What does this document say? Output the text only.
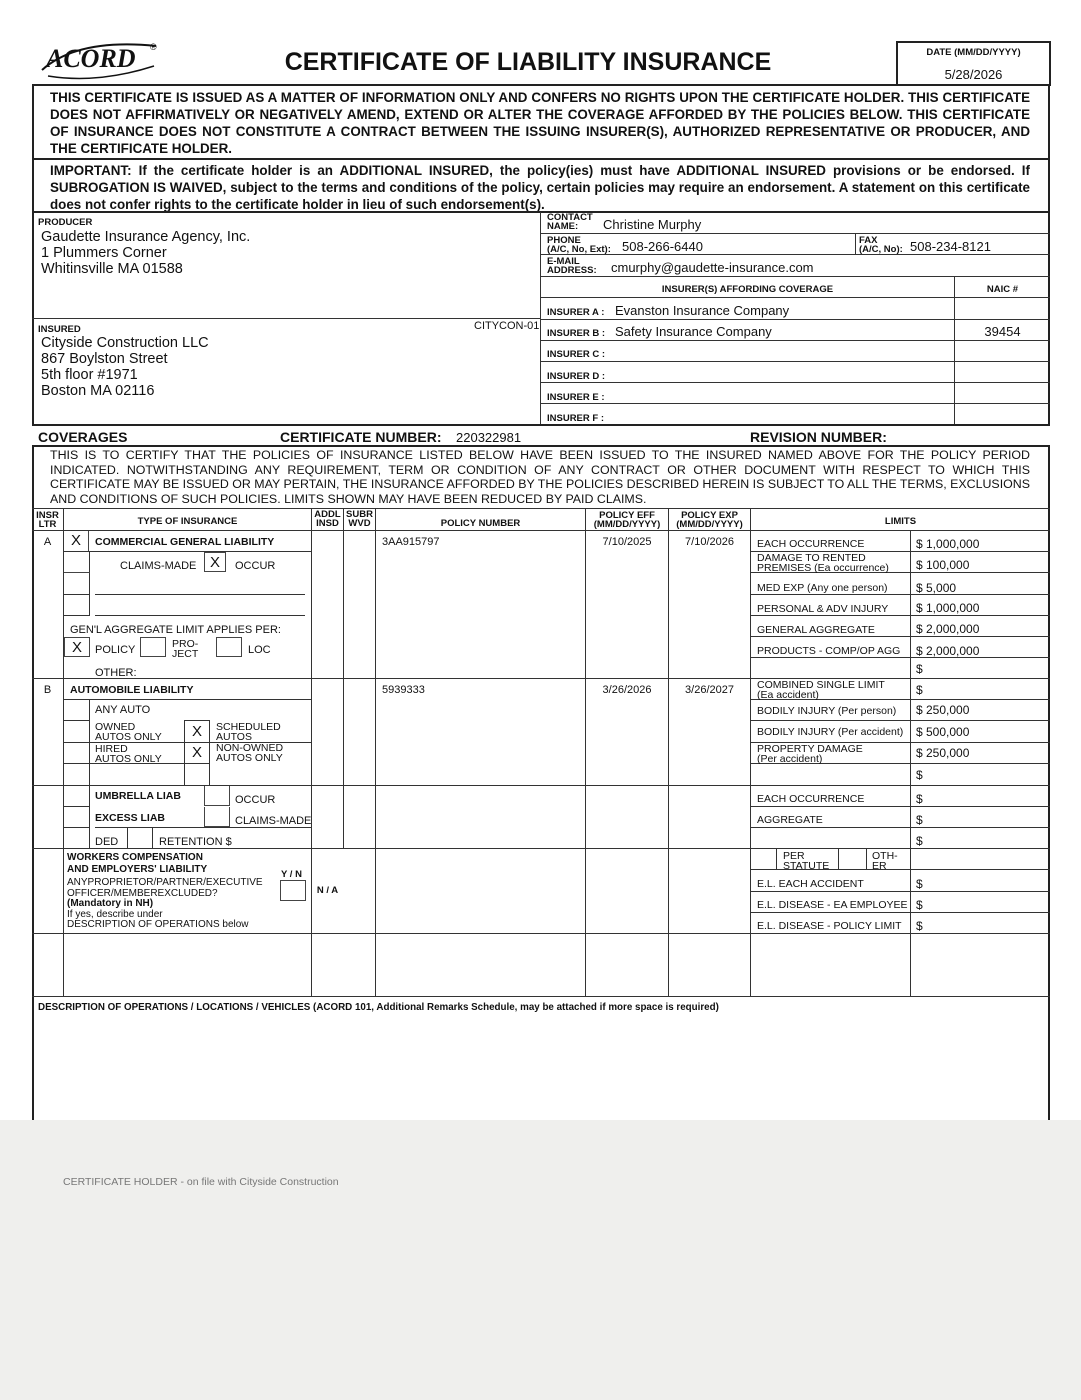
ACORD ®
CERTIFICATE OF LIABILITY INSURANCE	DATE (MM/DD/YYYY)
5/28/2026
THIS CERTIFICATE IS ISSUED AS A MATTER OF INFORMATION ONLY AND CONFERS NO RIGHTS UPON THE CERTIFICATE HOLDER. THIS CERTIFICATE DOES NOT AFFIRMATIVELY OR NEGATIVELY AMEND, EXTEND OR ALTER THE COVERAGE AFFORDED BY THE POLICIES BELOW. THIS CERTIFICATE OF INSURANCE DOES NOT CONSTITUTE A CONTRACT BETWEEN THE ISSUING INSURER(S), AUTHORIZED REPRESENTATIVE OR PRODUCER, AND THE CERTIFICATE HOLDER.
IMPORTANT: If the certificate holder is an ADDITIONAL INSURED, the policy(ies) must have ADDITIONAL INSURED provisions or be endorsed. If SUBROGATION IS WAIVED, subject to the terms and conditions of the policy, certain policies may require an endorsement. A statement on this certificate does not confer rights to the certificate holder in lieu of such endorsement(s).
PRODUCER
Gaudette Insurance Agency, Inc.
1 Plummers Corner
Whitinsville MA 01588
CONTACT
NAME:	Christine Murphy
PHONE
(A/C, No, Ext): 508-266-6440	FAX
(A/C, No): 508-234-8121
E-MAIL
ADDRESS: cmurphy@gaudette-insurance.com
INSURER(S) AFFORDING COVERAGE	NAIC #
INSURER A : Evanston Insurance Company
INSURER B : Safety Insurance Company	39454
INSURER C :
INSURER D :
INSURER E :
INSURER F :
INSURED	CITYCON-01
Cityside Construction LLC
867 Boylston Street
5th floor #1971
Boston MA 02116
COVERAGES	CERTIFICATE NUMBER: 220322981	REVISION NUMBER:
THIS IS TO CERTIFY THAT THE POLICIES OF INSURANCE LISTED BELOW HAVE BEEN ISSUED TO THE INSURED NAMED ABOVE FOR THE POLICY PERIOD INDICATED. NOTWITHSTANDING ANY REQUIREMENT, TERM OR CONDITION OF ANY CONTRACT OR OTHER DOCUMENT WITH RESPECT TO WHICH THIS CERTIFICATE MAY BE ISSUED OR MAY PERTAIN, THE INSURANCE AFFORDED BY THE POLICIES DESCRIBED HEREIN IS SUBJECT TO ALL THE TERMS, EXCLUSIONS AND CONDITIONS OF SUCH POLICIES. LIMITS SHOWN MAY HAVE BEEN REDUCED BY PAID CLAIMS.
INSR
LTR	TYPE OF INSURANCE
ADDL
INSD
SUBR
WVD	POLICY NUMBER
POLICY EFF
(MM/DD/YYYY)
POLICY EXP
(MM/DD/YYYY)	LIMITS
A	X	COMMERCIAL GENERAL LIABILITY
CLAIMS-MADE X	OCCUR
GEN'L AGGREGATE LIMIT APPLIES PER:
X	POLICY	PRO-
JECT	LOC
OTHER:
3AA915797	7/10/2025	7/10/2026	EACH OCCURRENCE	$ 1,000,000
DAMAGE TO RENTED
PREMISES (Ea occurrence) $ 100,000
MED EXP (Any one person) $ 5,000
PERSONAL & ADV INJURY $ 1,000,000
GENERAL AGGREGATE	$ 2,000,000
PRODUCTS - COMP/OP AGG $ 2,000,000
$
B	AUTOMOBILE LIABILITY
ANY AUTO
OWNED
AUTOS ONLY	X	SCHEDULED
AUTOS
HIRED
AUTOS ONLY	X	NON-OWNED
AUTOS ONLY
5939333	3/26/2026	3/26/2027	COMBINED SINGLE LIMIT
(Ea accident)	$
BODILY INJURY (Per person) $ 250,000
BODILY INJURY (Per accident) $ 500,000
PROPERTY DAMAGE
(Per accident)	$ 250,000
$
UMBRELLA LIAB	OCCUR
EXCESS LIAB	CLAIMS-MADE
DED	RETENTION $
EACH OCCURRENCE	$
AGGREGATE	$
$
WORKERS COMPENSATION
AND EMPLOYERS' LIABILITY	Y / N
ANYPROPRIETOR/PARTNER/EXECUTIVE
OFFICER/MEMBEREXCLUDED?
(Mandatory in NH)
If yes, describe under
DESCRIPTION OF OPERATIONS below
N / A
PER
STATUTE
OTH-
ER
E.L. EACH ACCIDENT	$
E.L. DISEASE - EA EMPLOYEE $
E.L. DISEASE - POLICY LIMIT $
DESCRIPTION OF OPERATIONS / LOCATIONS / VEHICLES (ACORD 101, Additional Remarks Schedule, may be attached if more space is required)
CERTIFICATE HOLDER - on file with Cityside Construction
